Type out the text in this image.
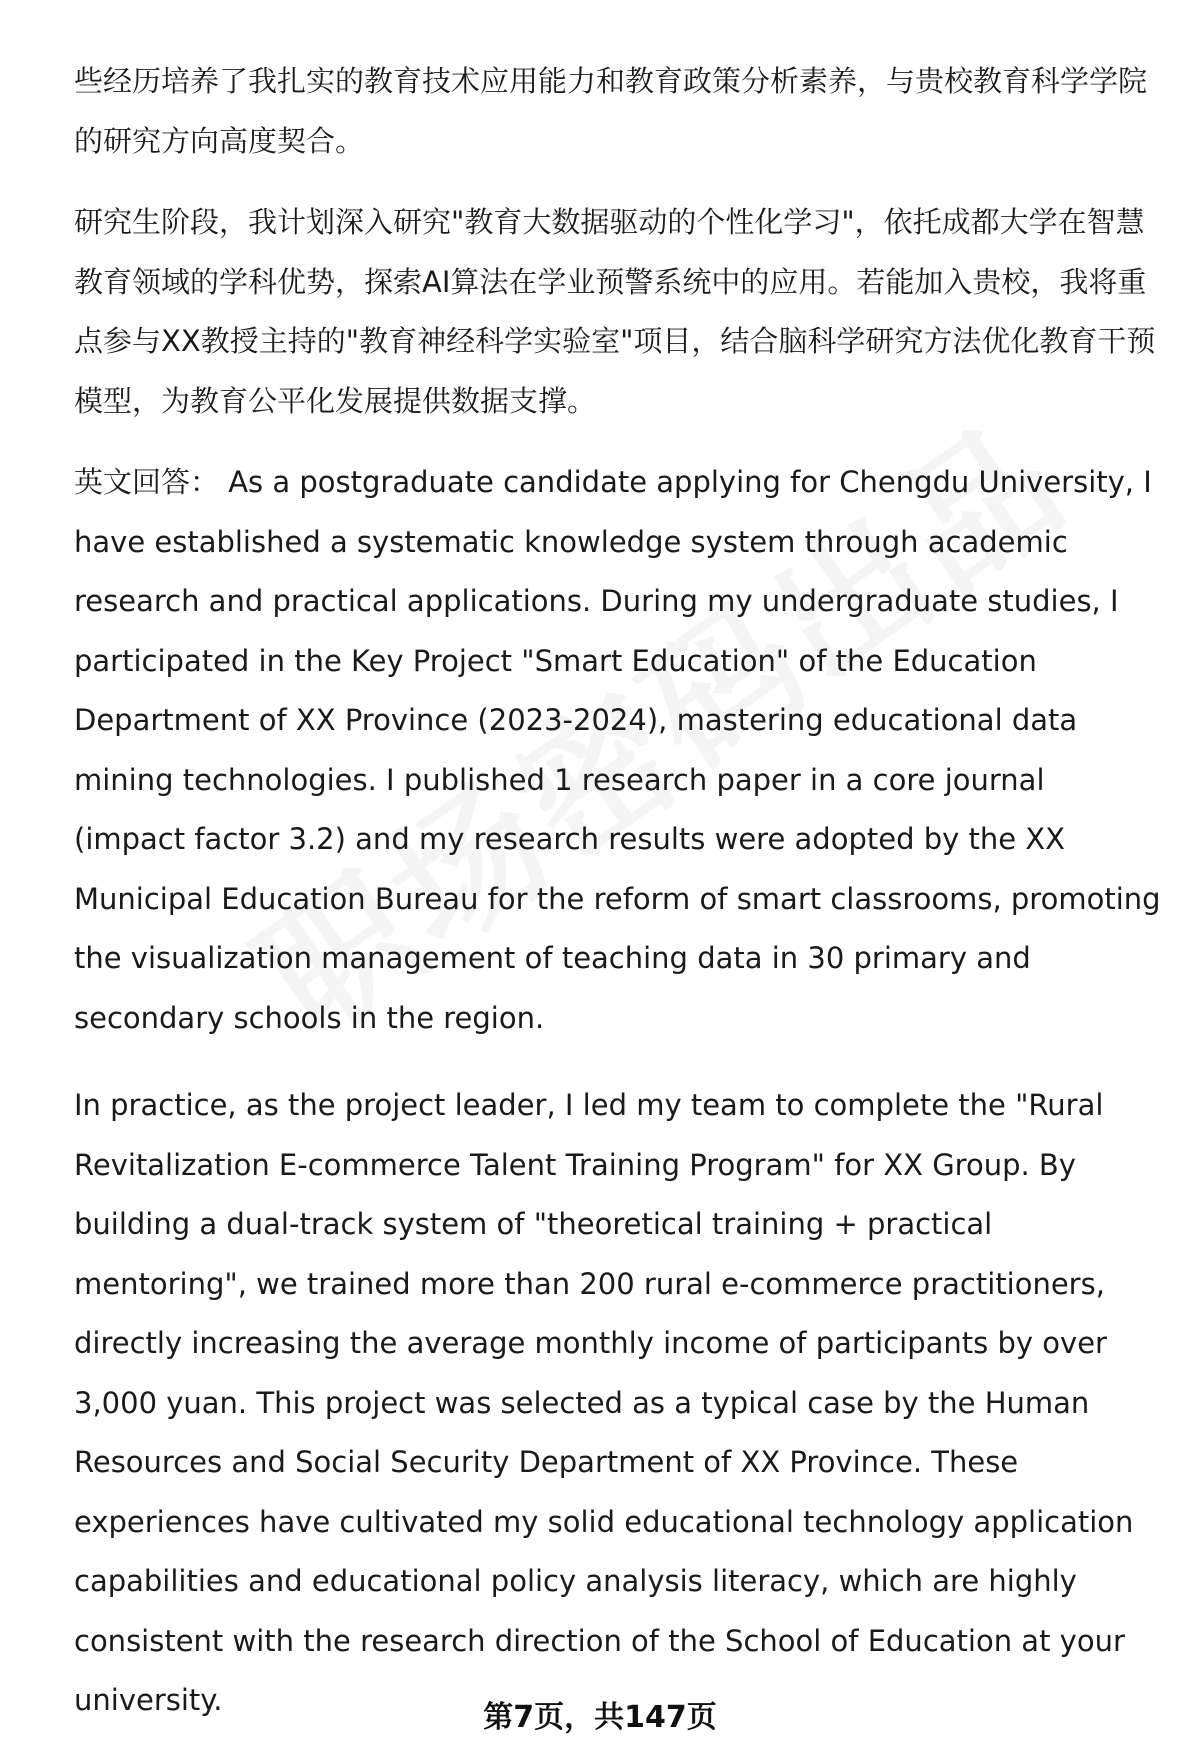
些经历培养了我扎实的教育技术应用能力和教育政策分析素养，与贵校教育科学学院的研究方向高度契合。

研究生阶段，我计划深入研究"教育大数据驱动的个性化学习"，依托成都大学在智慧教育领域的学科优势，探索AI算法在学业预警系统中的应用。若能加入贵校，我将重点参与XX教授主持的"教育神经科学实验室"项目，结合脑科学研究方法优化教育干预模型，为教育公平化发展提供数据支撑。

英文回答： As a postgraduate candidate applying for Chengdu University, I have established a systematic knowledge system through academic research and practical applications. During my undergraduate studies, I participated in the Key Project "Smart Education" of the Education Department of XX Province (2023-2024), mastering educational data mining technologies. I published 1 research paper in a core journal (impact factor 3.2) and my research results were adopted by the XX Municipal Education Bureau for the reform of smart classrooms, promoting the visualization management of teaching data in 30 primary and secondary schools in the region.

In practice, as the project leader, I led my team to complete the "Rural Revitalization E-commerce Talent Training Program" for XX Group. By building a dual-track system of "theoretical training + practical mentoring", we trained more than 200 rural e-commerce practitioners, directly increasing the average monthly income of participants by over 3,000 yuan. This project was selected as a typical case by the Human Resources and Social Security Department of XX Province. These experiences have cultivated my solid educational technology application capabilities and educational policy analysis literacy, which are highly consistent with the research direction of the School of Education at your university.	第7页，共147页
